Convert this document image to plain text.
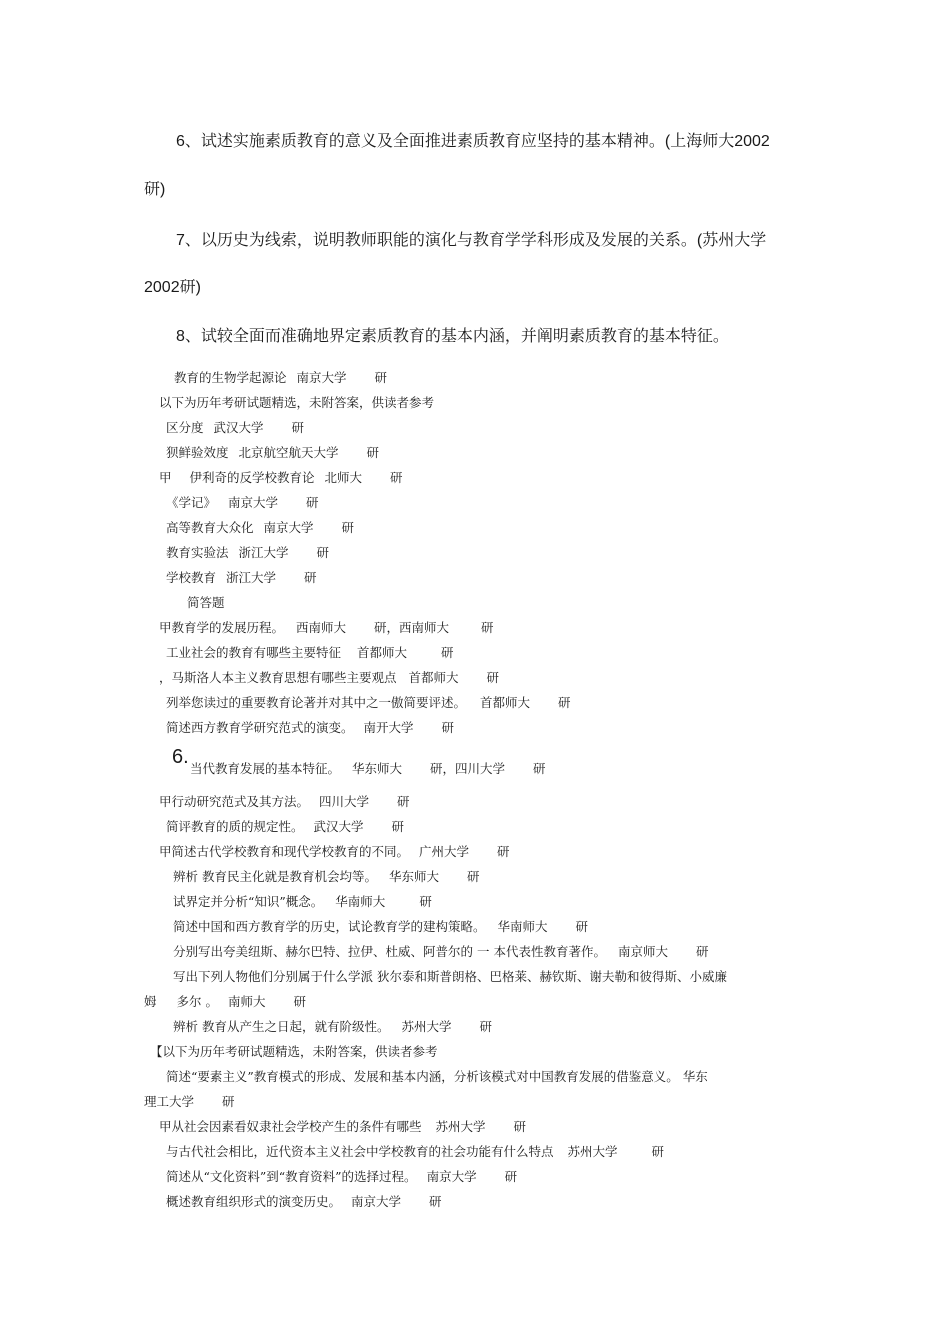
6、试述实施素质教育的意义及全面推进素质教育应坚持的基本精神。(上海师大2002
研)
7、以历史为线索，说明教师职能的演化与教育学学科形成及发展的关系。(苏州大学
2002研)
8、试较全面而准确地界定素质教育的基本内涵，并阐明素质教育的基本特征。
教育的生物学起源论 南京大学 研
以下为历年考研试题精选，未附答案，供读者参考
区分度 武汉大学 研
狈鲜验效度 北京航空航天大学 研
甲 伊利奇的反学校教育论 北师大 研
《学记》 南京大学 研
高等教育大众化 南京大学 研
教育实验法 浙江大学 研
学校教育 浙江大学 研
简答题
甲教育学的发展历程。 西南师大 研，西南师大	研
工业社会的教育有哪些主要特征 首都师大	研
，马斯洛人本主义教育思想有哪些主要观点 首都师大 研
列举您读过的重要教育论著并对其中之一傲简要评述。 首都师大 研
简述西方教育学研究范式的演变。 南开大学 研
6.
当代教育发展的基本特征。 华东师大 研，四川大学 研
甲行动研究范式及其方法。 四川大学 研
简评教育的质的规定性。 武汉大学 研
甲简述古代学校教育和现代学校教育的不同。 广州大学 研
辨析 教育民主化就是教育机会均等。 华东师大 研
试界定并分析“知识”概念。 华南师大	研
简述中国和西方教育学的历史，试论教育学的建构策略。 华南师大 研
分别写出夸美纽斯、赫尔巴特、拉伊、杜威、阿普尔的 一 本代表性教育著作。 南京师大 研
写出下列人物他们分别属于什么学派 狄尔泰和斯普朗格、巴格莱、赫钦斯、谢夫勒和彼得斯、小威廉
姆 多尔 。 南师大 研
辨析 教育从产生之日起，就有阶级性。 苏州大学 研
【以下为历年考研试题精选，未附答案，供读者参考
简述“要素主义”教育模式的形成、发展和基本内涵，分析该模式对中国教育发展的借鉴意义。 华东
理工大学 研
甲从社会因素看奴隶社会学校产生的条件有哪些 苏州大学 研
与古代社会相比，近代资本主义社会中学校教育的社会功能有什么特点 苏州大学	研
简述从“文化资料”到“教育资料”的选择过程。 南京大学 研
概述教育组织形式的演变历史。 南京大学 研
